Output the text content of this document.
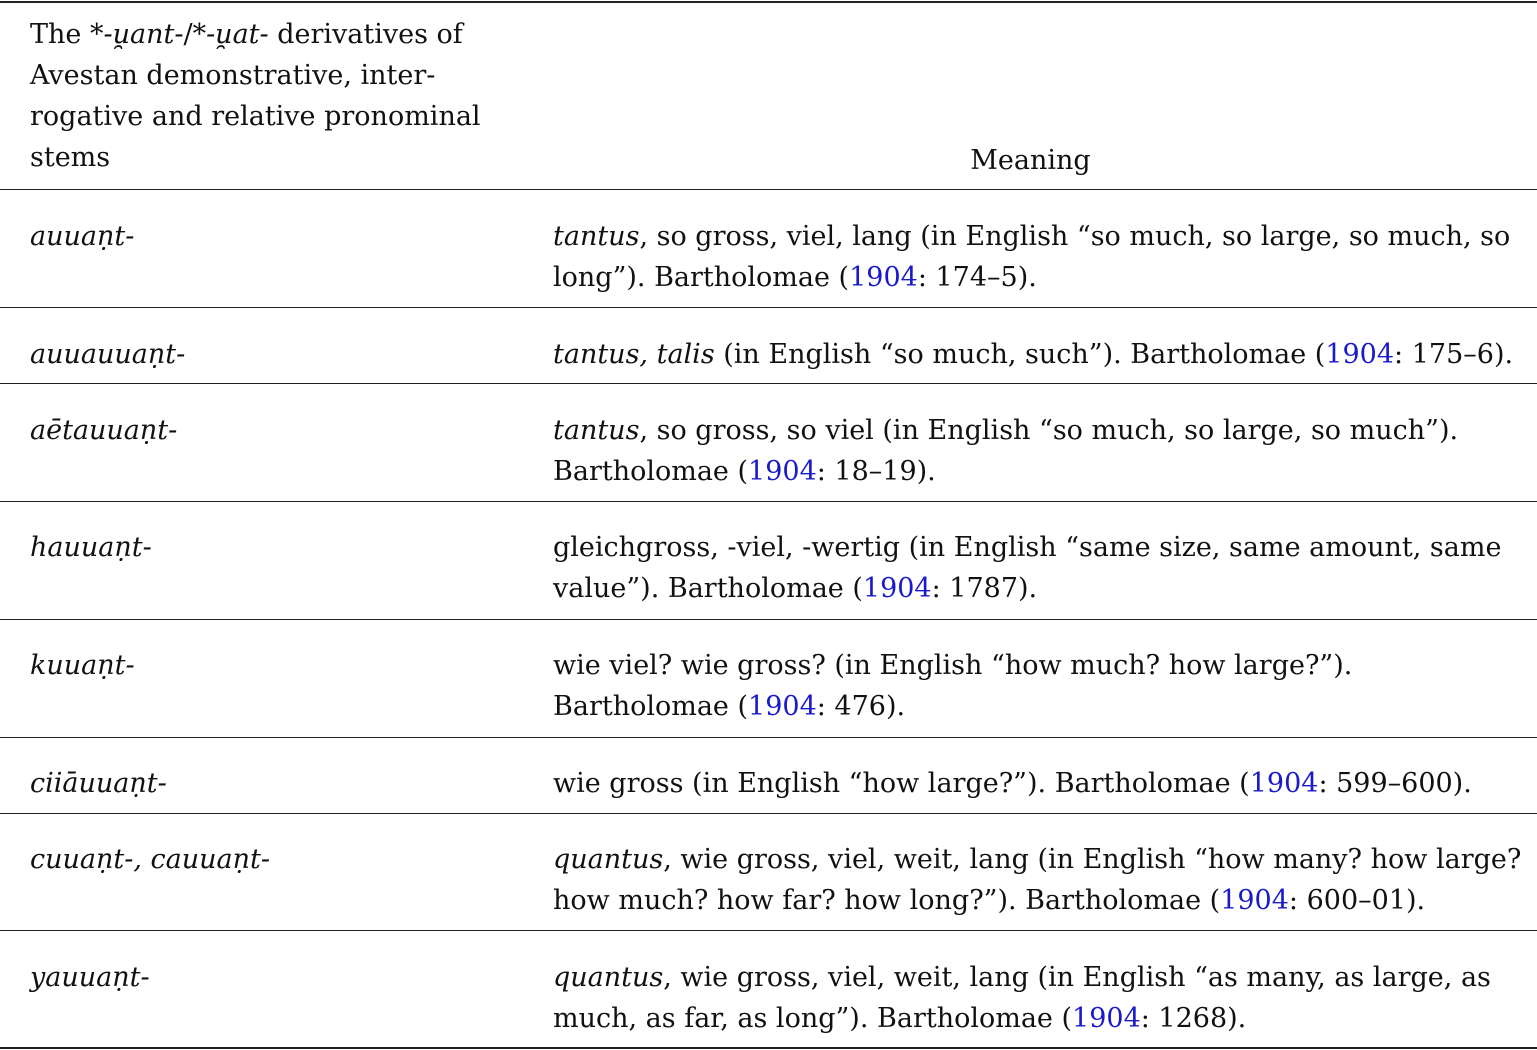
The *-u̯ant-/*-u̯at- derivatives of
Avestan demonstrative, inter-
rogative and relative pronominal
stems	Meaning
auuaṇt-	tantus, so gross, viel, lang (in English “so much, so large, so much, so
long”). Bartholomae (1904: 174–5).
auuauuaṇt-	tantus, talis (in English “so much, such”). Bartholomae (1904: 175–6).
aētauuaṇt-	tantus, so gross, so viel (in English “so much, so large, so much”).
Bartholomae (1904: 18–19).
hauuaṇt-	gleichgross, -viel, -wertig (in English “same size, same amount, same
value”). Bartholomae (1904: 1787).
kuuaṇt-	wie viel? wie gross? (in English “how much? how large?”).
Bartholomae (1904: 476).
ciiāuuaṇt-	wie gross (in English “how large?”). Bartholomae (1904: 599–600).
cuuaṇt-, cauuaṇt-	quantus, wie gross, viel, weit, lang (in English “how many? how large?
how much? how far? how long?”). Bartholomae (1904: 600–01).
yauuaṇt-	quantus, wie gross, viel, weit, lang (in English “as many, as large, as
much, as far, as long”). Bartholomae (1904: 1268).
